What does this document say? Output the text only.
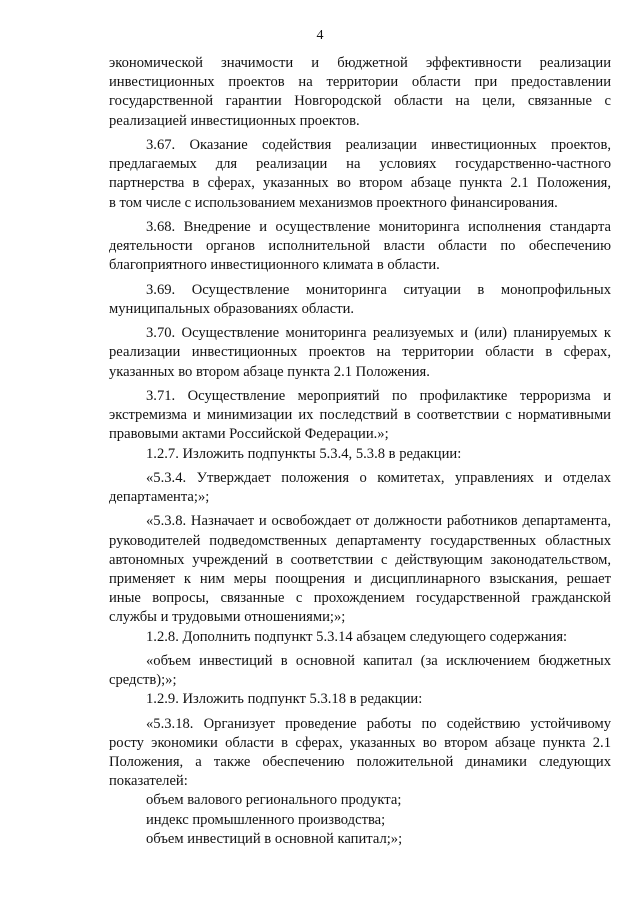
4
экономической значимости и бюджетной эффективности реализации
инвестиционных проектов на территории области при предоставлении
государственной гарантии Новгородской области на цели, связанные с
реализацией инвестиционных проектов.
3.67. Оказание содействия реализации инвестиционных проектов,
предлагаемых для реализации на условиях государственно-частного
партнерства в сферах, указанных во втором абзаце пункта 2.1 Положения,
в том числе с использованием механизмов проектного финансирования.
3.68. Внедрение и осуществление мониторинга исполнения стандарта
деятельности органов исполнительной власти области по обеспечению
благоприятного инвестиционного климата в области.
3.69. Осуществление мониторинга ситуации в монопрофильных
муниципальных образованиях области.
3.70. Осуществление мониторинга реализуемых и (или) планируемых к
реализации инвестиционных проектов на территории области в сферах,
указанных во втором абзаце пункта 2.1 Положения.
3.71. Осуществление мероприятий по профилактике терроризма и
экстремизма и минимизации их последствий в соответствии с нормативными
правовыми актами Российской Федерации.»;
1.2.7. Изложить подпункты 5.3.4, 5.3.8 в редакции:
«5.3.4. Утверждает положения о комитетах, управлениях и отделах
департамента;»;
«5.3.8. Назначает и освобождает от должности работников департамента,
руководителей подведомственных департаменту государственных областных
автономных учреждений в соответствии с действующим законодательством,
применяет к ним меры поощрения и дисциплинарного взыскания, решает
иные вопросы, связанные с прохождением государственной гражданской
службы и трудовыми отношениями;»;
1.2.8. Дополнить подпункт 5.3.14 абзацем следующего содержания:
«объем инвестиций в основной капитал (за исключением бюджетных
средств);»;
1.2.9. Изложить подпункт 5.3.18 в редакции:
«5.3.18. Организует проведение работы по содействию устойчивому
росту экономики области в сферах, указанных во втором абзаце пункта 2.1
Положения, а также обеспечению положительной динамики следующих
показателей:
объем валового регионального продукта;
индекс промышленного производства;
объем инвестиций в основной капитал;»;
